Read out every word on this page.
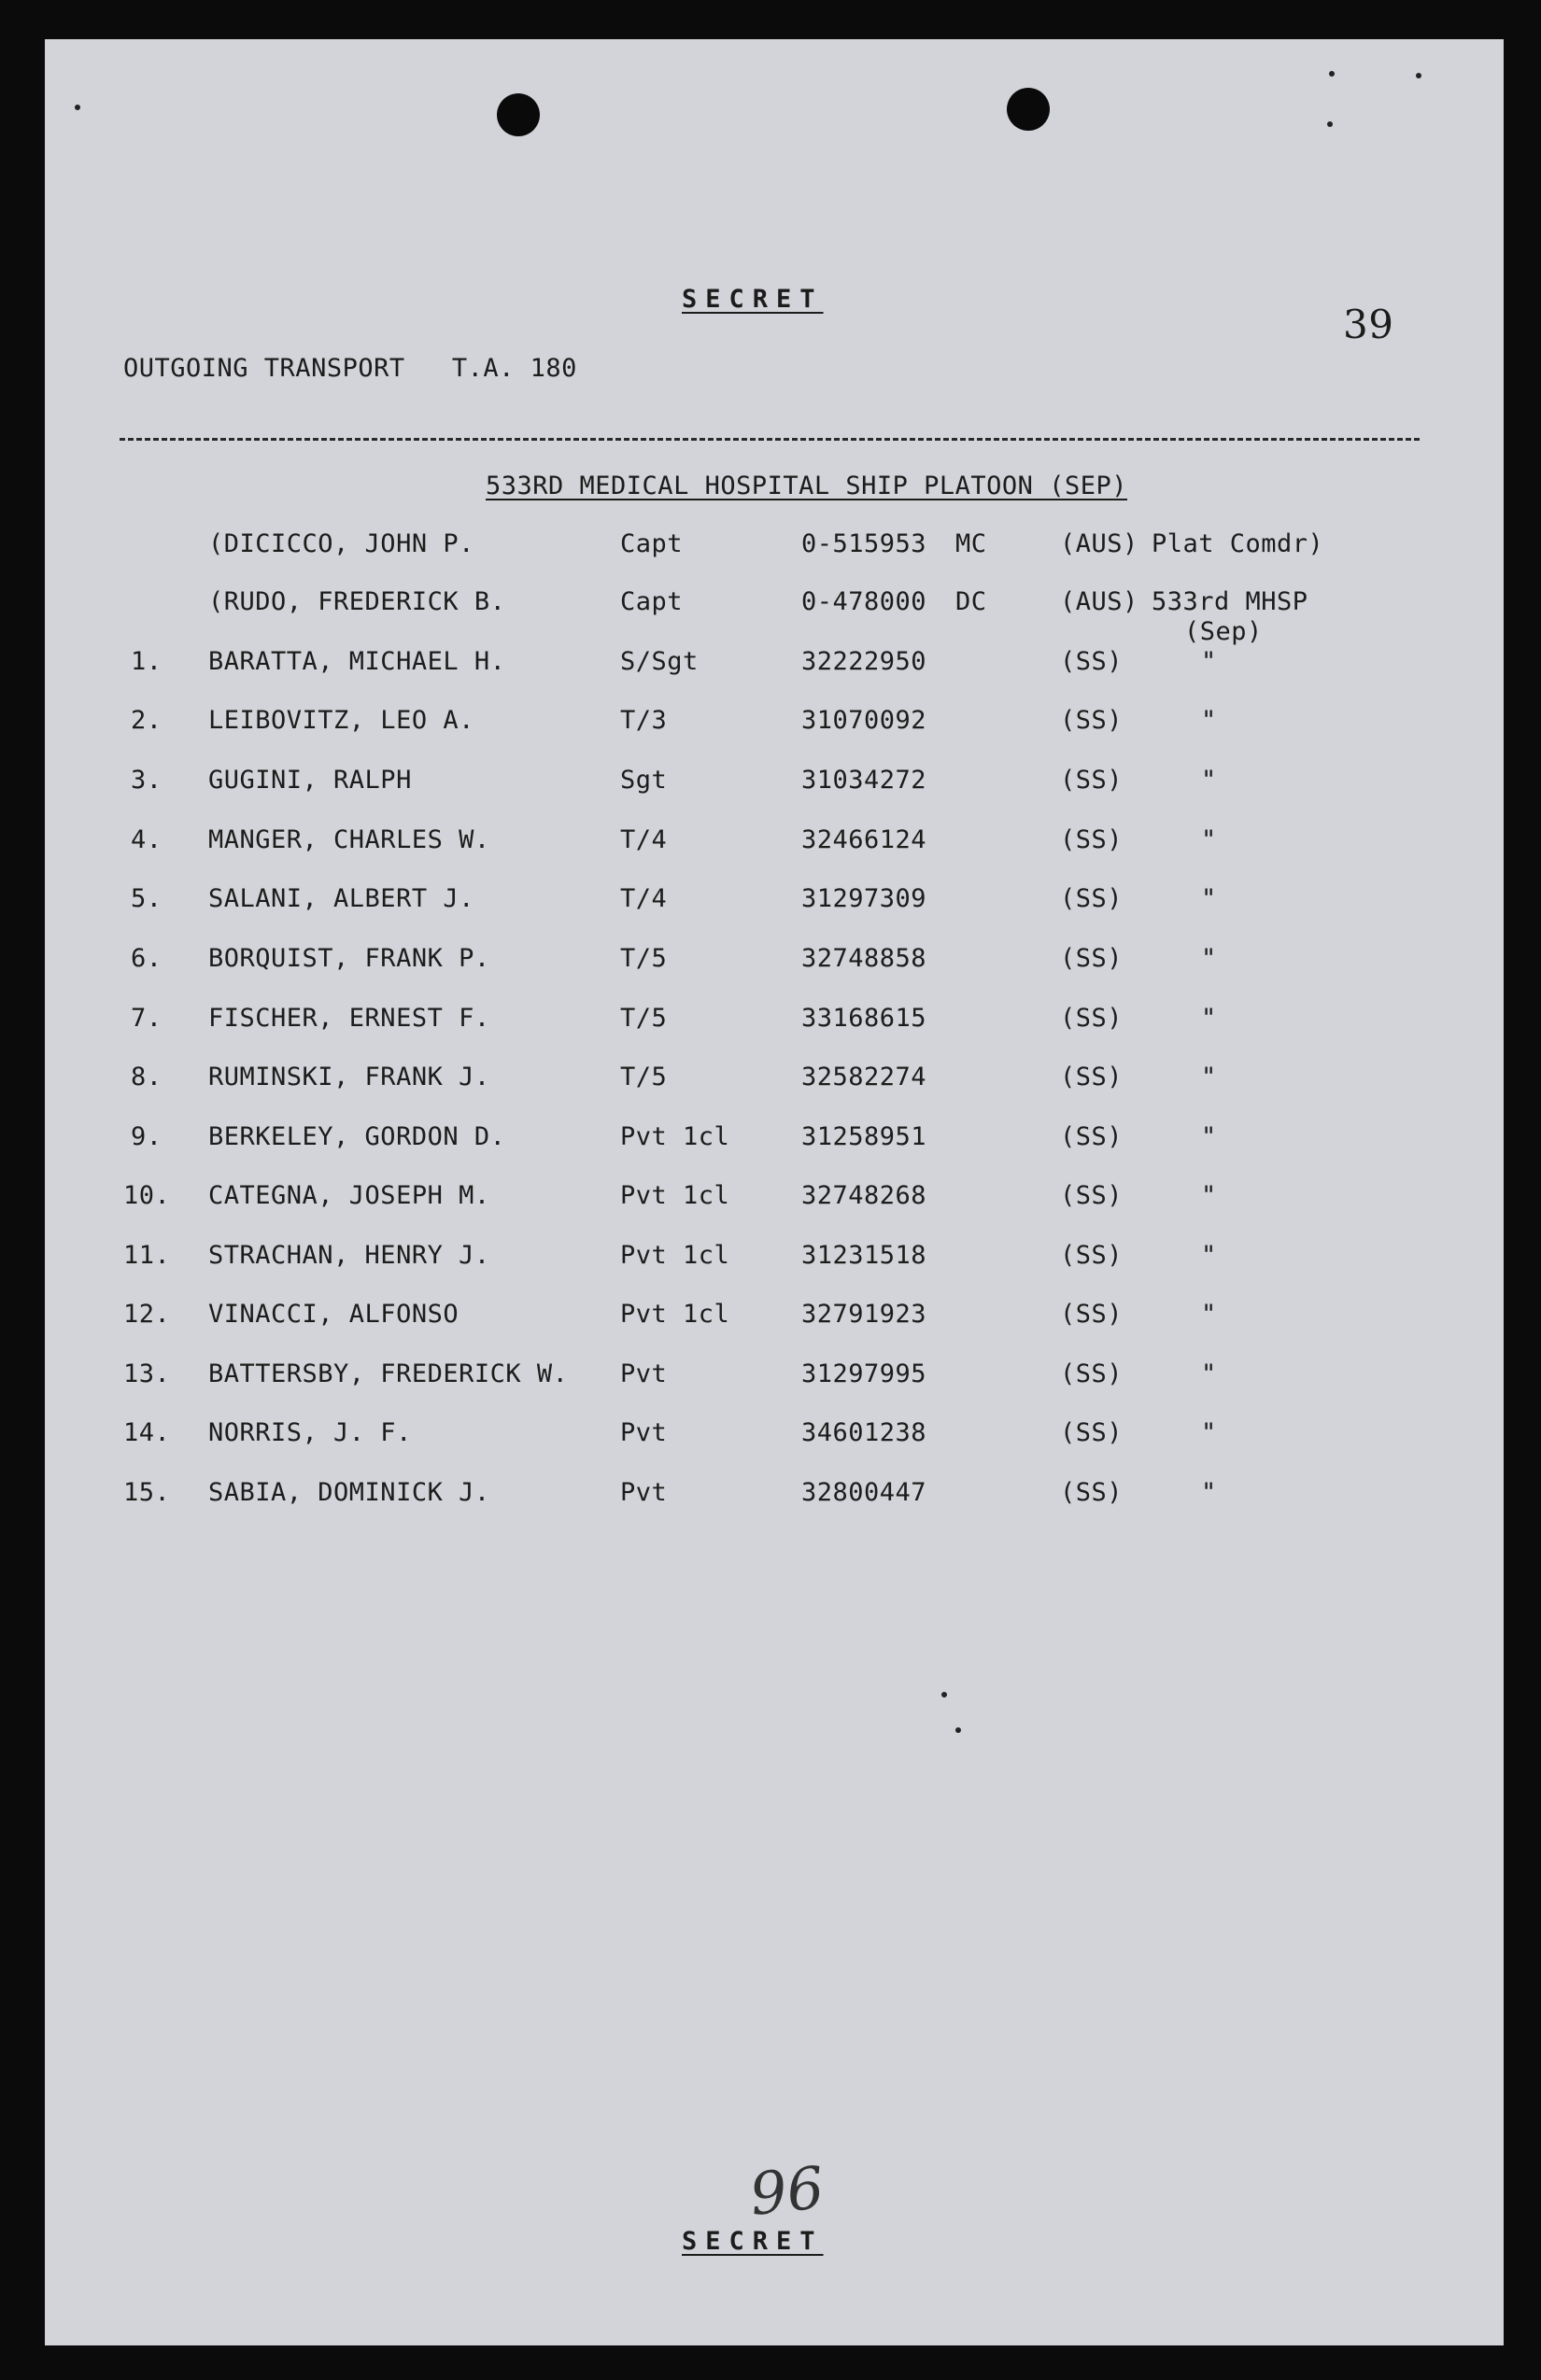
SECRET
39
OUTGOING TRANSPORT   T.A. 180
533RD MEDICAL HOSPITAL SHIP PLATOON (SEP)
(DICICCO, JOHN P.	Capt	0-515953 MC	(AUS) Plat Comdr)
(RUDO, FREDERICK B.	Capt	0-478000 DC	(AUS) 533rd MHSP
(Sep)
1. BARATTA, MICHAEL H.	S/Sgt	32222950	(SS)	"
2. LEIBOVITZ, LEO A.	T/3	31070092	(SS)	"
3. GUGINI, RALPH	Sgt	31034272	(SS)	"
4. MANGER, CHARLES W.	T/4	32466124	(SS)	"
5. SALANI, ALBERT J.	T/4	31297309	(SS)	"
6. BORQUIST, FRANK P.	T/5	32748858	(SS)	"
7. FISCHER, ERNEST F.	T/5	33168615	(SS)	"
8. RUMINSKI, FRANK J.	T/5	32582274	(SS)	"
9. BERKELEY, GORDON D.	Pvt 1cl	31258951	(SS)	"
10. CATEGNA, JOSEPH M.	Pvt 1cl	32748268	(SS)	"
11. STRACHAN, HENRY J.	Pvt 1cl	31231518	(SS)	"
12. VINACCI, ALFONSO	Pvt 1cl	32791923	(SS)	"
13. BATTERSBY, FREDERICK W. Pvt	31297995	(SS)	"
14. NORRIS, J. F.	Pvt	34601238	(SS)	"
15. SABIA, DOMINICK J.	Pvt	32800447	(SS)	"
96
SECRET
